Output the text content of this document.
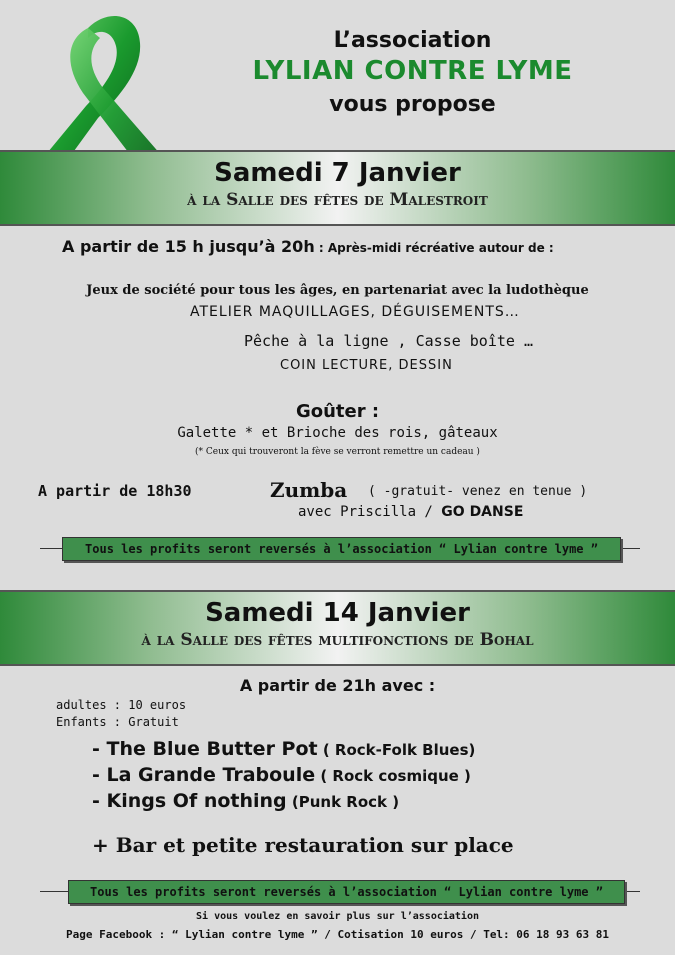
L’association
LYLIAN CONTRE LYME
vous propose
Samedi 7 Janvier
à la Salle des fêtes de Malestroit
A partir de 15 h jusqu’à 20h : Après-midi récréative autour de :
Jeux de société pour tous les âges, en partenariat avec la ludothèque
ATELIER MAQUILLAGES, DÉGUISEMENTS…
Pêche à la ligne , Casse boîte …
COIN LECTURE, DESSIN
Goûter :
Galette * et Brioche des rois, gâteaux
(* Ceux qui trouveront la fève se verront remettre un cadeau )
A partir de 18h30	Zumba ( -gratuit- venez en tenue )
avec Priscilla / GO DANSE
Tous les profits seront reversés à l’association “ Lylian contre lyme ”
Samedi 14 Janvier
à la Salle des fêtes multifonctions de Bohal
A partir de 21h avec :
adultes : 10 euros
Enfants : Gratuit
- The Blue Butter Pot ( Rock-Folk Blues)
- La Grande Traboule ( Rock cosmique )
- Kings Of nothing (Punk Rock )
+ Bar et petite restauration sur place
Tous les profits seront reversés à l’association “ Lylian contre lyme ”
Si vous voulez en savoir plus sur l’association
Page Facebook : “ Lylian contre lyme ” / Cotisation 10 euros / Tel: 06 18 93 63 81
